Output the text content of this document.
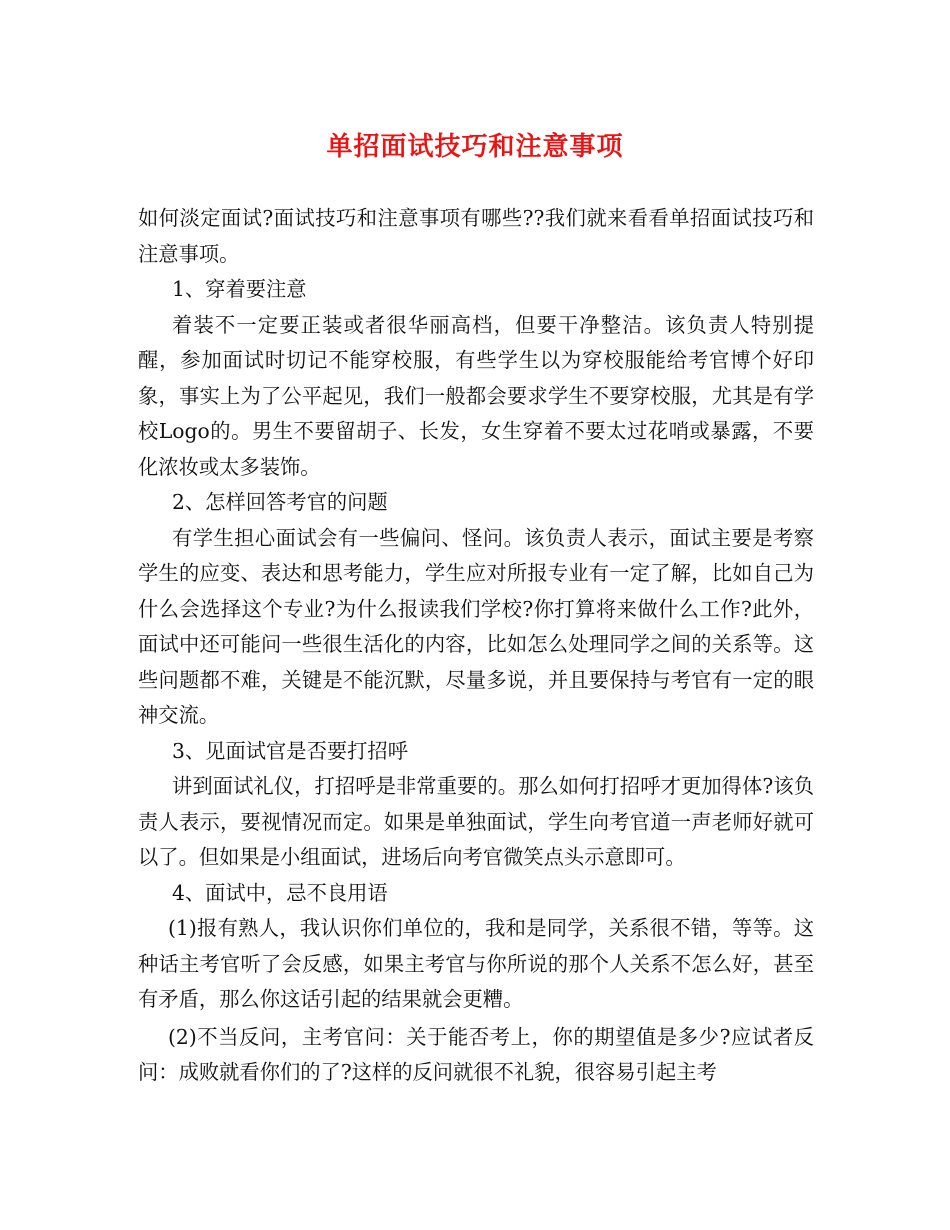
单招面试技巧和注意事项

如何淡定面试?面试技巧和注意事项有哪些??我们就来看看单招面试技巧和注意事项。

1、穿着要注意

着装不一定要正装或者很华丽高档，但要干净整洁。该负责人特别提醒，参加面试时切记不能穿校服，有些学生以为穿校服能给考官博个好印象，事实上为了公平起见，我们一般都会要求学生不要穿校服，尤其是有学校Logo的。男生不要留胡子、长发，女生穿着不要太过花哨或暴露，不要化浓妆或太多装饰。

2、怎样回答考官的问题

有学生担心面试会有一些偏问、怪问。该负责人表示，面试主要是考察学生的应变、表达和思考能力，学生应对所报专业有一定了解，比如自己为什么会选择这个专业?为什么报读我们学校?你打算将来做什么工作?此外，面试中还可能问一些很生活化的内容，比如怎么处理同学之间的关系等。这些问题都不难，关键是不能沉默，尽量多说，并且要保持与考官有一定的眼神交流。

3、见面试官是否要打招呼

讲到面试礼仪，打招呼是非常重要的。那么如何打招呼才更加得体?该负责人表示，要视情况而定。如果是单独面试，学生向考官道一声老师好就可以了。但如果是小组面试，进场后向考官微笑点头示意即可。

4、面试中，忌不良用语

(1)报有熟人，我认识你们单位的，我和是同学，关系很不错，等等。这种话主考官听了会反感，如果主考官与你所说的那个人关系不怎么好，甚至有矛盾，那么你这话引起的结果就会更糟。

(2)不当反问，主考官问：关于能否考上，你的期望值是多少?应试者反问：成败就看你们的了?这样的反问就很不礼貌，很容易引起主考
